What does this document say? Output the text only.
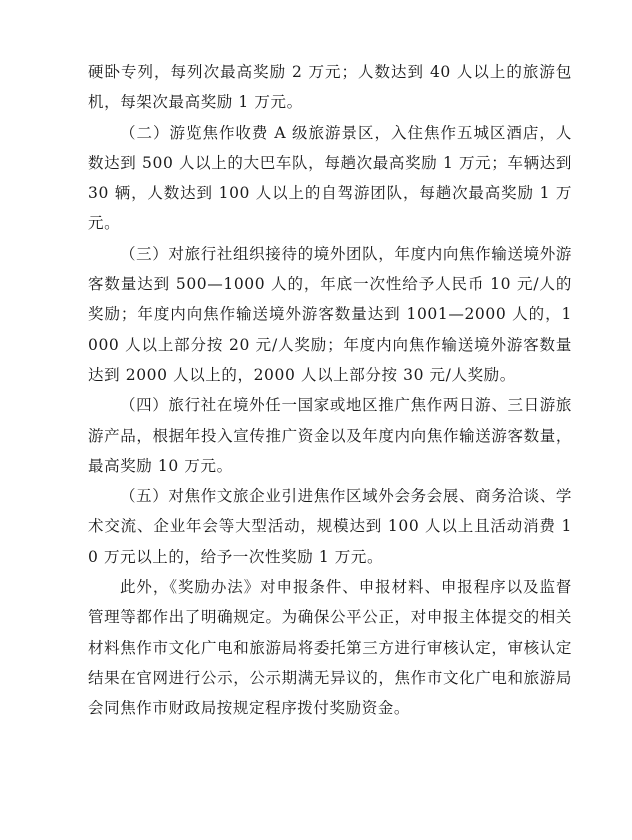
硬卧专列，每列次最高奖励 2 万元；人数达到 40 人以上的旅游包机，每架次最高奖励 1 万元。

（二）游览焦作收费 A 级旅游景区，入住焦作五城区酒店，人数达到 500 人以上的大巴车队，每趟次最高奖励 1 万元；车辆达到 30 辆，人数达到 100 人以上的自驾游团队，每趟次最高奖励 1 万元。

（三）对旅行社组织接待的境外团队，年度内向焦作输送境外游客数量达到 500—1000 人的，年底一次性给予人民币 10 元/人的奖励；年度内向焦作输送境外游客数量达到 1001—2000 人的，1000 人以上部分按 20 元/人奖励；年度内向焦作输送境外游客数量达到 2000 人以上的，2000 人以上部分按 30 元/人奖励。

（四）旅行社在境外任一国家或地区推广焦作两日游、三日游旅游产品，根据年投入宣传推广资金以及年度内向焦作输送游客数量，最高奖励 10 万元。

（五）对焦作文旅企业引进焦作区域外会务会展、商务洽谈、学术交流、企业年会等大型活动，规模达到 100 人以上且活动消费 10 万元以上的，给予一次性奖励 1 万元。

此外，《奖励办法》对申报条件、申报材料、申报程序以及监督管理等都作出了明确规定。为确保公平公正，对申报主体提交的相关材料焦作市文化广电和旅游局将委托第三方进行审核认定，审核认定结果在官网进行公示，公示期满无异议的，焦作市文化广电和旅游局会同焦作市财政局按规定程序拨付奖励资金。
